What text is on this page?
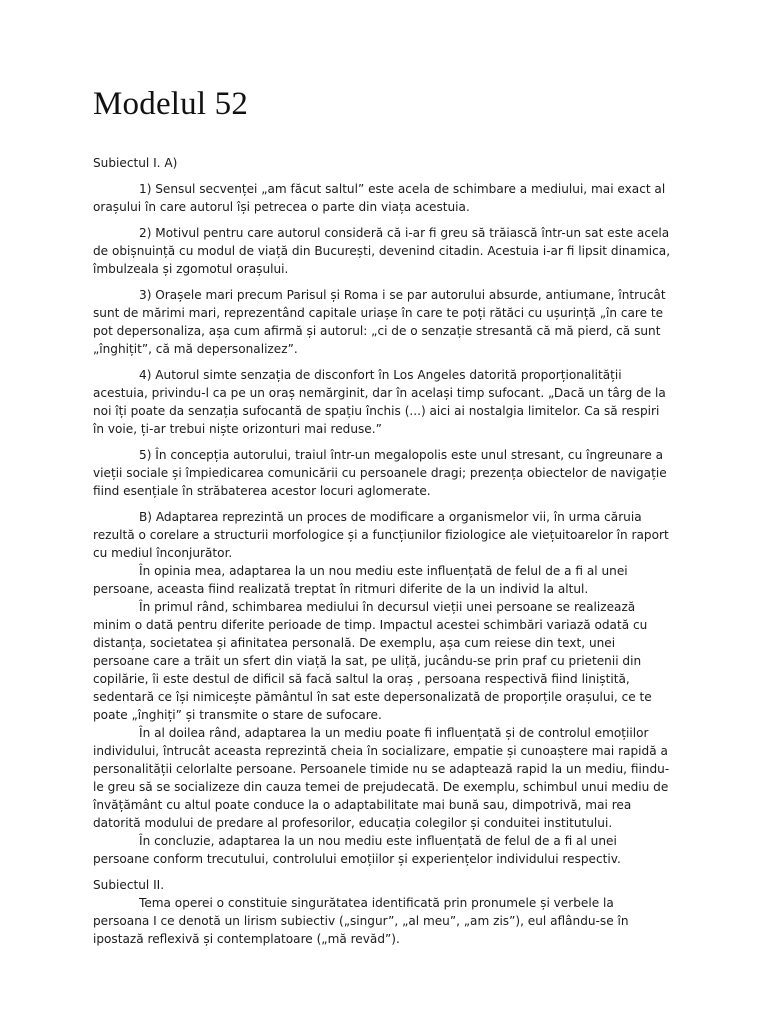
Modelul 52

Subiectul I. A)

1) Sensul secvenței „am făcut saltul” este acela de schimbare a mediului, mai exact al orașului în care autorul își petrecea o parte din viața acestuia.

2) Motivul pentru care autorul consideră că i-ar fi greu să trăiască într-un sat este acela de obișnuință cu modul de viață din București, devenind citadin. Acestuia i-ar fi lipsit dinamica, îmbulzeala și zgomotul orașului.

3) Orașele mari precum Parisul și Roma i se par autorului absurde, antiumane, întrucât sunt de mărimi mari, reprezentând capitale uriașe în care te poți rătăci cu ușurință „în care te pot depersonaliza, așa cum afirmă și autorul: „ci de o senzație stresantă că mă pierd, că sunt „înghițit”, că mă depersonalizez”.

4) Autorul simte senzația de disconfort în Los Angeles datorită proporționalității acestuia, privindu-l ca pe un oraș nemărginit, dar în același timp sufocant. „Dacă un târg de la noi îți poate da senzația sufocantă de spațiu închis (...) aici ai nostalgia limitelor. Ca să respiri în voie, ți-ar trebui niște orizonturi mai reduse.”

5) În concepția autorului, traiul într-un megalopolis este unul stresant, cu îngreunare a vieții sociale și împiedicarea comunicării cu persoanele dragi; prezența obiectelor de navigație fiind esențiale în străbaterea acestor locuri aglomerate.

B) Adaptarea reprezintă un proces de modificare a organismelor vii, în urma căruia rezultă o corelare a structurii morfologice și a funcțiunilor fiziologice ale viețuitoarelor în raport cu mediul înconjurător.

În opinia mea, adaptarea la un nou mediu este influențată de felul de a fi al unei persoane, aceasta fiind realizată treptat în ritmuri diferite de la un individ la altul.

În primul rând, schimbarea mediului în decursul vieții unei persoane se realizează minim o dată pentru diferite perioade de timp. Impactul acestei schimbări variază odată cu distanța, societatea și afinitatea personală. De exemplu, așa cum reiese din text, unei persoane care a trăit un sfert din viață la sat, pe uliță, jucându-se prin praf cu prietenii din copilărie, îi este destul de dificil să facă saltul la oraș , persoana respectivă fiind liniștită, sedentară ce își nimicește pământul în sat este depersonalizată de proporțile orașului, ce te poate „înghiți” și transmite o stare de sufocare.

În al doilea rând, adaptarea la un mediu poate fi influențată și de controlul emoțiilor individului, întrucât aceasta reprezintă cheia în socializare, empatie și cunoaștere mai rapidă a personalității celorlalte persoane. Persoanele timide nu se adaptează rapid la un mediu, fiindu-le greu să se socializeze din cauza temei de prejudecată. De exemplu, schimbul unui mediu de învățământ cu altul poate conduce la o adaptabilitate mai bună sau, dimpotrivă, mai rea datorită modului de predare al profesorilor, educația colegilor și conduitei institutului.

În concluzie, adaptarea la un nou mediu este influențată de felul de a fi al unei persoane conform trecutului, controlului emoțiilor și experiențelor individului respectiv.

Subiectul II.

Tema operei o constituie singurătatea identificată prin pronumele și verbele la persoana I ce denotă un lirism subiectiv („singur”, „al meu”, „am zis”), eul aflându-se în ipostază reflexivă și contemplatoare („mă revăd”).
